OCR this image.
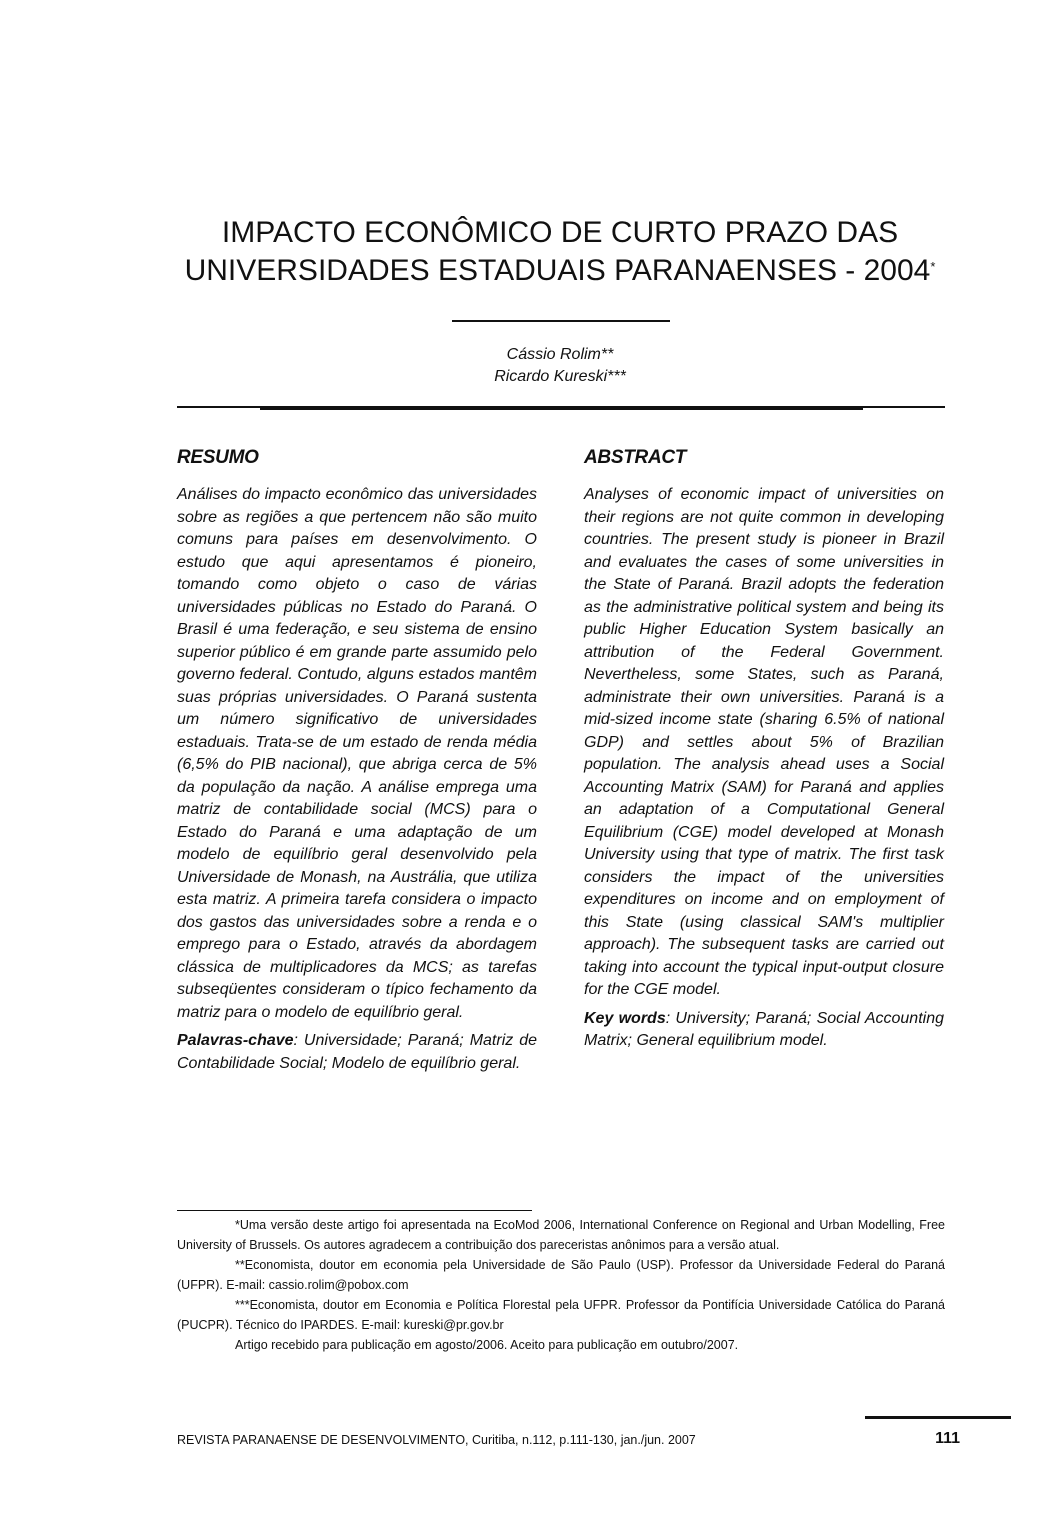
IMPACTO ECONÔMICO DE CURTO PRAZO DAS
UNIVERSIDADES ESTADUAIS PARANAENSES - 2004*
Cássio Rolim**
Ricardo Kureski***
RESUMO

Análises do impacto econômico das universidades sobre as regiões a que pertencem não são muito comuns para países em desenvolvimento. O estudo que aqui apresentamos é pioneiro, tomando como objeto o caso de várias universidades públicas no Estado do Paraná. O Brasil é uma federação, e seu sistema de ensino superior público é em grande parte assumido pelo governo federal. Contudo, alguns estados mantêm suas próprias universidades. O Paraná sustenta um número significativo de universidades estaduais. Trata-se de um estado de renda média (6,5% do PIB nacional), que abriga cerca de 5% da população da nação. A análise emprega uma matriz de contabilidade social (MCS) para o Estado do Paraná e uma adaptação de um modelo de equilíbrio geral desenvolvido pela Universidade de Monash, na Austrália, que utiliza esta matriz. A primeira tarefa considera o impacto dos gastos das universidades sobre a renda e o emprego para o Estado, através da abordagem clássica de multiplicadores da MCS; as tarefas subseqüentes consideram o típico fechamento da matriz para o modelo de equilíbrio geral.

Palavras-chave: Universidade; Paraná; Matriz de Contabilidade Social; Modelo de equilíbrio geral.

ABSTRACT

Analyses of economic impact of universities on their regions are not quite common in developing countries. The present study is pioneer in Brazil and evaluates the cases of some universities in the State of Paraná. Brazil adopts the federation as the administrative political system and being its public Higher Education System basically an attribution of the Federal Government. Nevertheless, some States, such as Paraná, administrate their own universities. Paraná is a mid-sized income state (sharing 6.5% of national GDP) and settles about 5% of Brazilian population. The analysis ahead uses a Social Accounting Matrix (SAM) for Paraná and applies an adaptation of a Computational General Equilibrium (CGE) model developed at Monash University using that type of matrix. The first task considers the impact of the universities expenditures on income and on employment of this State (using classical SAM's multiplier approach). The subsequent tasks are carried out taking into account the typical input-output closure for the CGE model.

Key words: University; Paraná; Social Accounting Matrix; General equilibrium model.

*Uma versão deste artigo foi apresentada na EcoMod 2006, International Conference on Regional and Urban Modelling, Free University of Brussels. Os autores agradecem a contribuição dos pareceristas anônimos para a versão atual.

**Economista, doutor em economia pela Universidade de São Paulo (USP). Professor da Universidade Federal do Paraná (UFPR). E-mail: cassio.rolim@pobox.com

***Economista, doutor em Economia e Política Florestal pela UFPR. Professor da Pontifícia Universidade Católica do Paraná (PUCPR). Técnico do IPARDES. E-mail: kureski@pr.gov.br

Artigo recebido para publicação em agosto/2006. Aceito para publicação em outubro/2007.

REVISTA PARANAENSE DE DESENVOLVIMENTO, Curitiba, n.112, p.111-130, jan./jun. 2007	111
